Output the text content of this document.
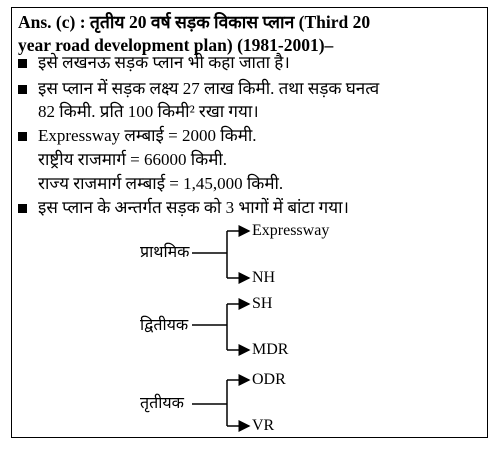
Ans. (c) : तृतीय 20 वर्ष सड़क विकास प्लान (Third 20
year road development plan) (1981-2001)–
इसे लखनऊ सड़क प्लान भी कहा जाता है।
इस प्लान में सड़क लक्ष्य 27 लाख किमी. तथा सड़क घनत्व
82 किमी. प्रति 100 किमी² रखा गया।
Expressway लम्बाई = 2000 किमी.
राष्ट्रीय राजमार्ग = 66000 किमी.
राज्य राजमार्ग लम्बाई = 1,45,000 किमी.
इस प्लान के अन्तर्गत सड़क को 3 भागों में बांटा गया।
प्राथमिक
Expressway
NH
द्वितीयक
SH
MDR
तृतीयक
ODR
VR
